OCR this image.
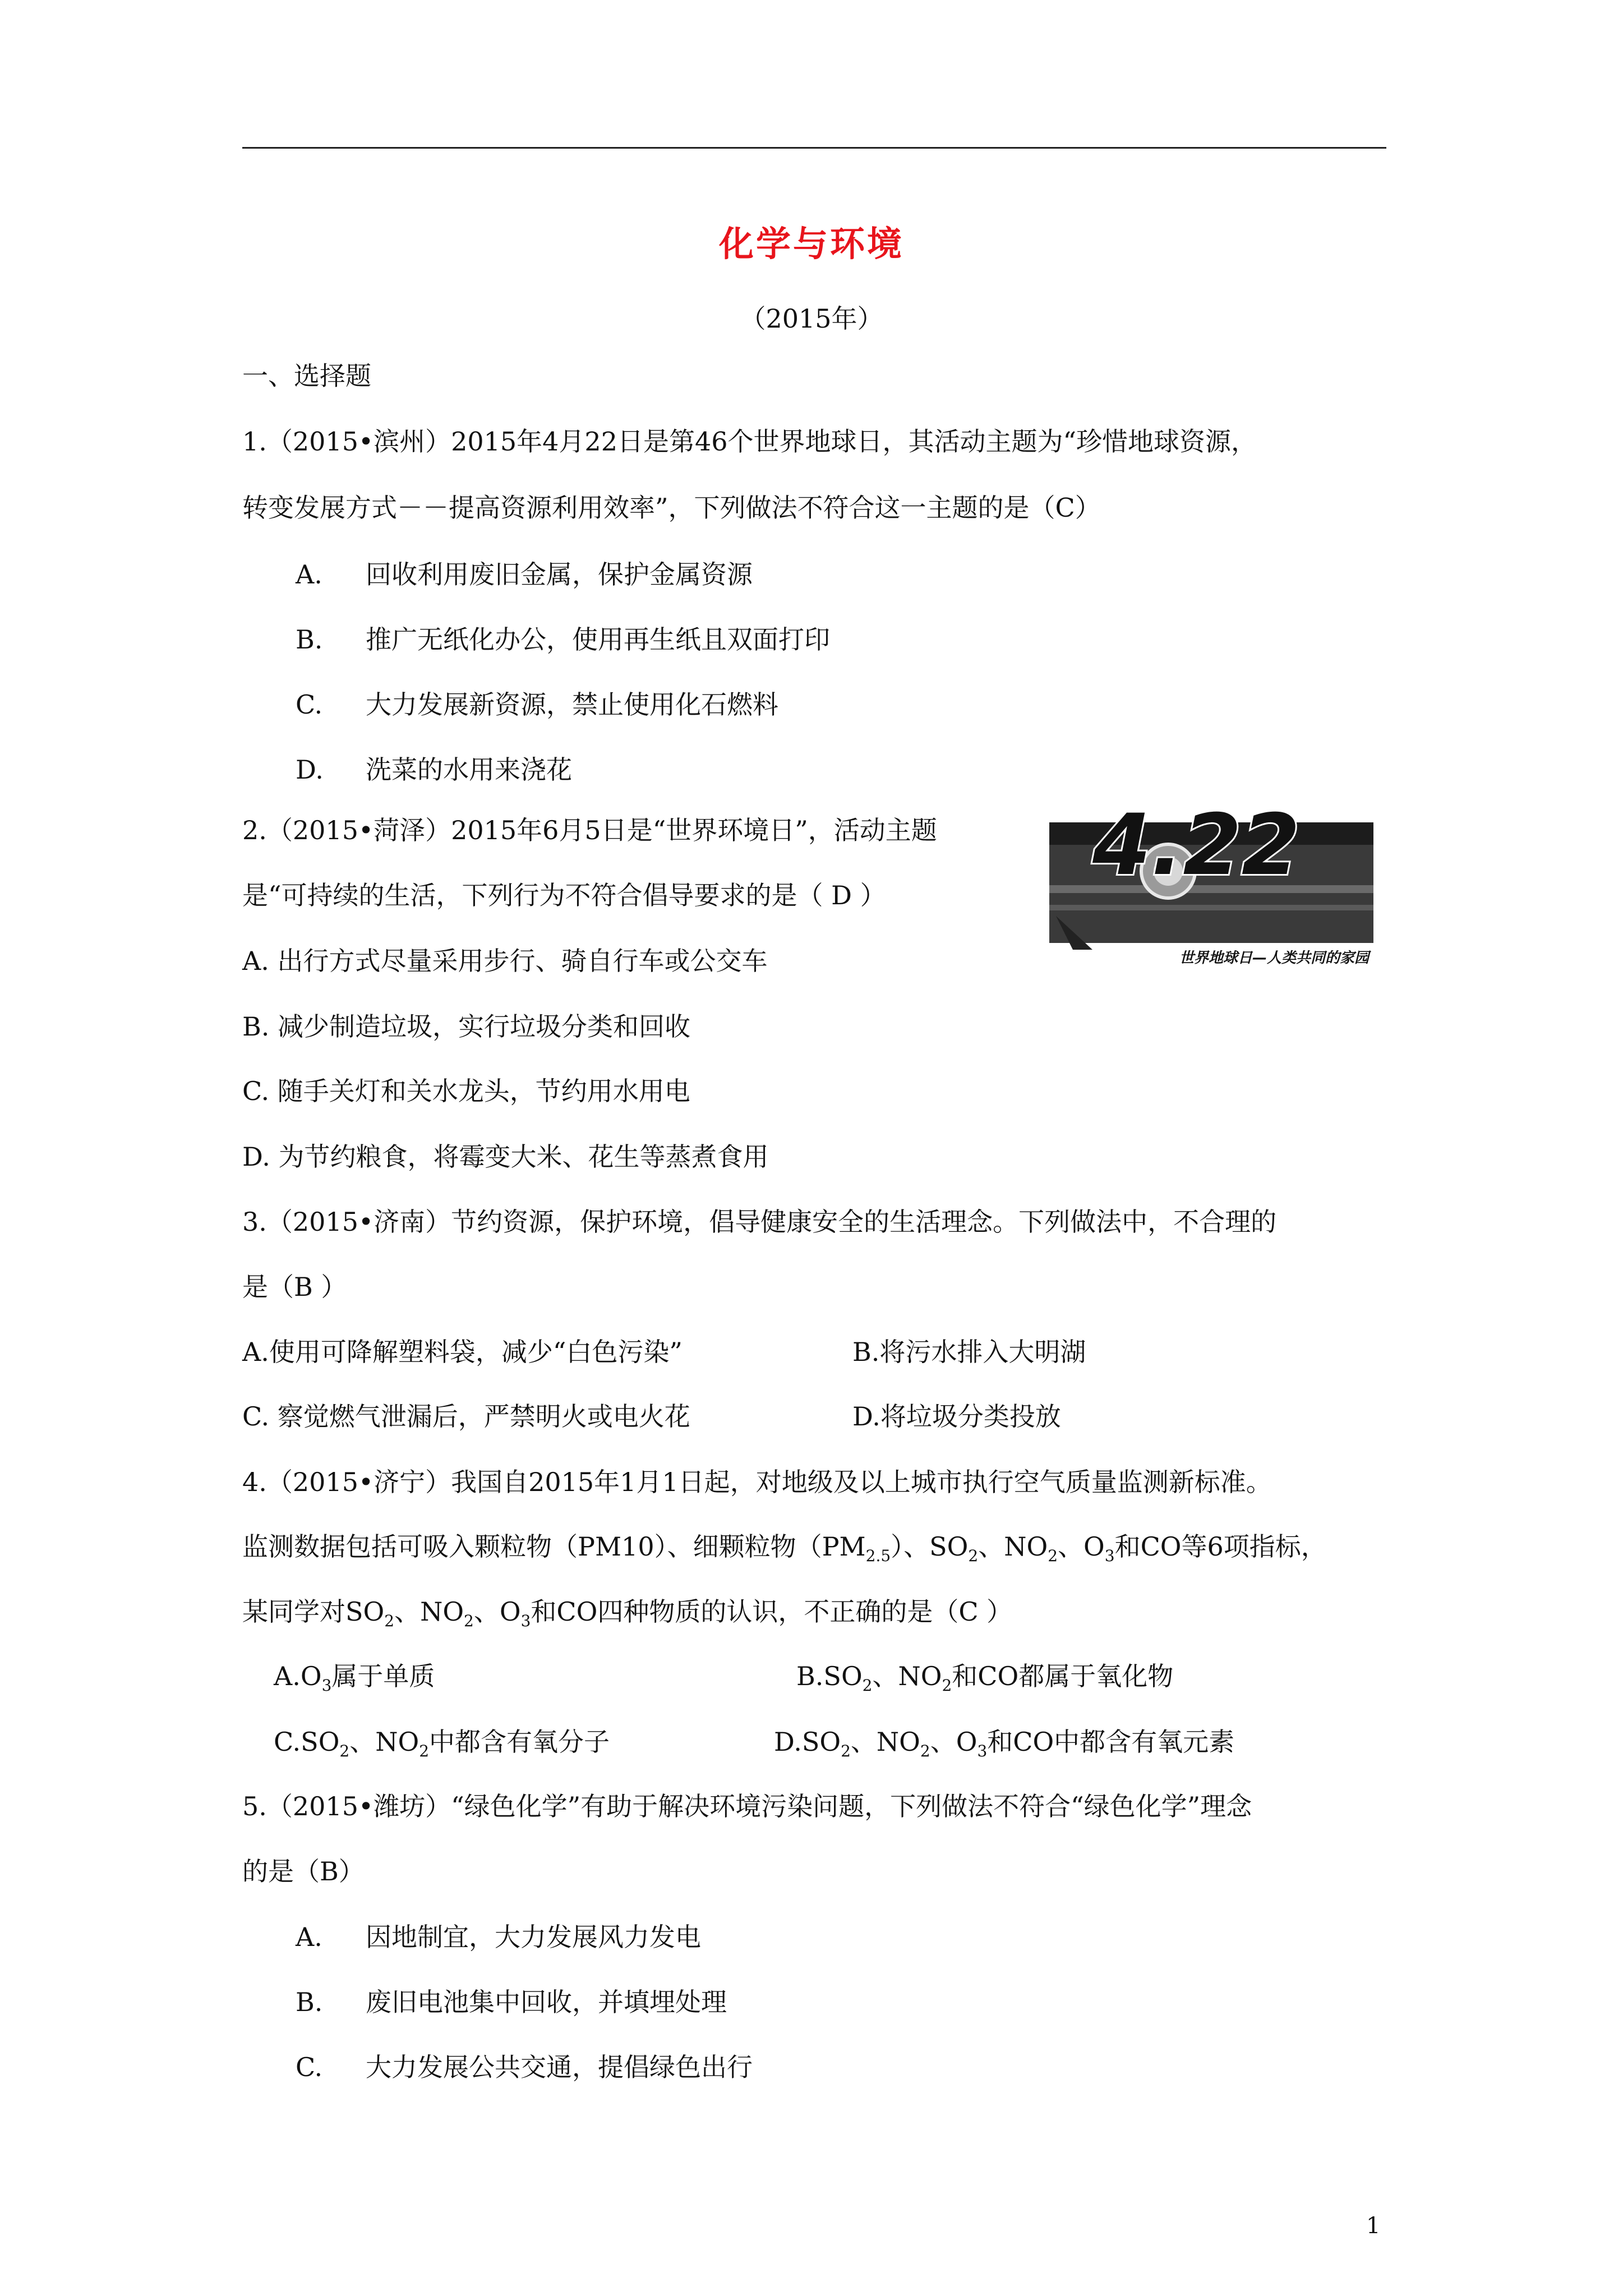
化学与环境
（2015年）
一、选择题
1.（2015•滨州）2015年4月22日是第46个世界地球日，其活动主题为“珍惜地球资源，
转变发展方式－－提高资源利用效率”，下列做法不符合这一主题的是（C）
A. 回收利用废旧金属，保护金属资源
B. 推广无纸化办公，使用再生纸且双面打印
C. 大力发展新资源，禁止使用化石燃料
D. 洗菜的水用来浇花
2.（2015•菏泽）2015年6月5日是“世界环境日”，活动主题
是“可持续的生活，下列行为不符合倡导要求的是（ D ）
4.22
世界地球日—人类共同的家园
A. 出行方式尽量采用步行、骑自行车或公交车
B. 减少制造垃圾，实行垃圾分类和回收
C. 随手关灯和关水龙头，节约用水用电
D. 为节约粮食，将霉变大米、花生等蒸煮食用
3.（2015•济南）节约资源，保护环境，倡导健康安全的生活理念。下列做法中，不合理的
是（B ）
A.使用可降解塑料袋，减少“白色污染”	B.将污水排入大明湖
C. 察觉燃气泄漏后，严禁明火或电火花	D.将垃圾分类投放
4.（2015•济宁）我国自2015年1月1日起，对地级及以上城市执行空气质量监测新标准。
监测数据包括可吸入颗粒物（PM10）、细颗粒物$(PM_{2.5})$、$SO_2$、$NO_2$、$O_3$和CO等6项指标，
某同学对$SO_2$、$NO_2$、$O_3$和CO四种物质的认识，不正确的是（C ）
$A.O_3$属于单质	$B.SO_2$、$NO_2$和CO都属于氧化物
$C.SO_2$、$NO_2$中都含有氧分子	$D.SO_2$、$NO_2$、$O_3$和CO中都含有氧元素
5.（2015•潍坊）“绿色化学”有助于解决环境污染问题，下列做法不符合“绿色化学”理念
的是（B）
A. 因地制宜，大力发展风力发电
B. 废旧电池集中回收，并填埋处理
C. 大力发展公共交通，提倡绿色出行
1
